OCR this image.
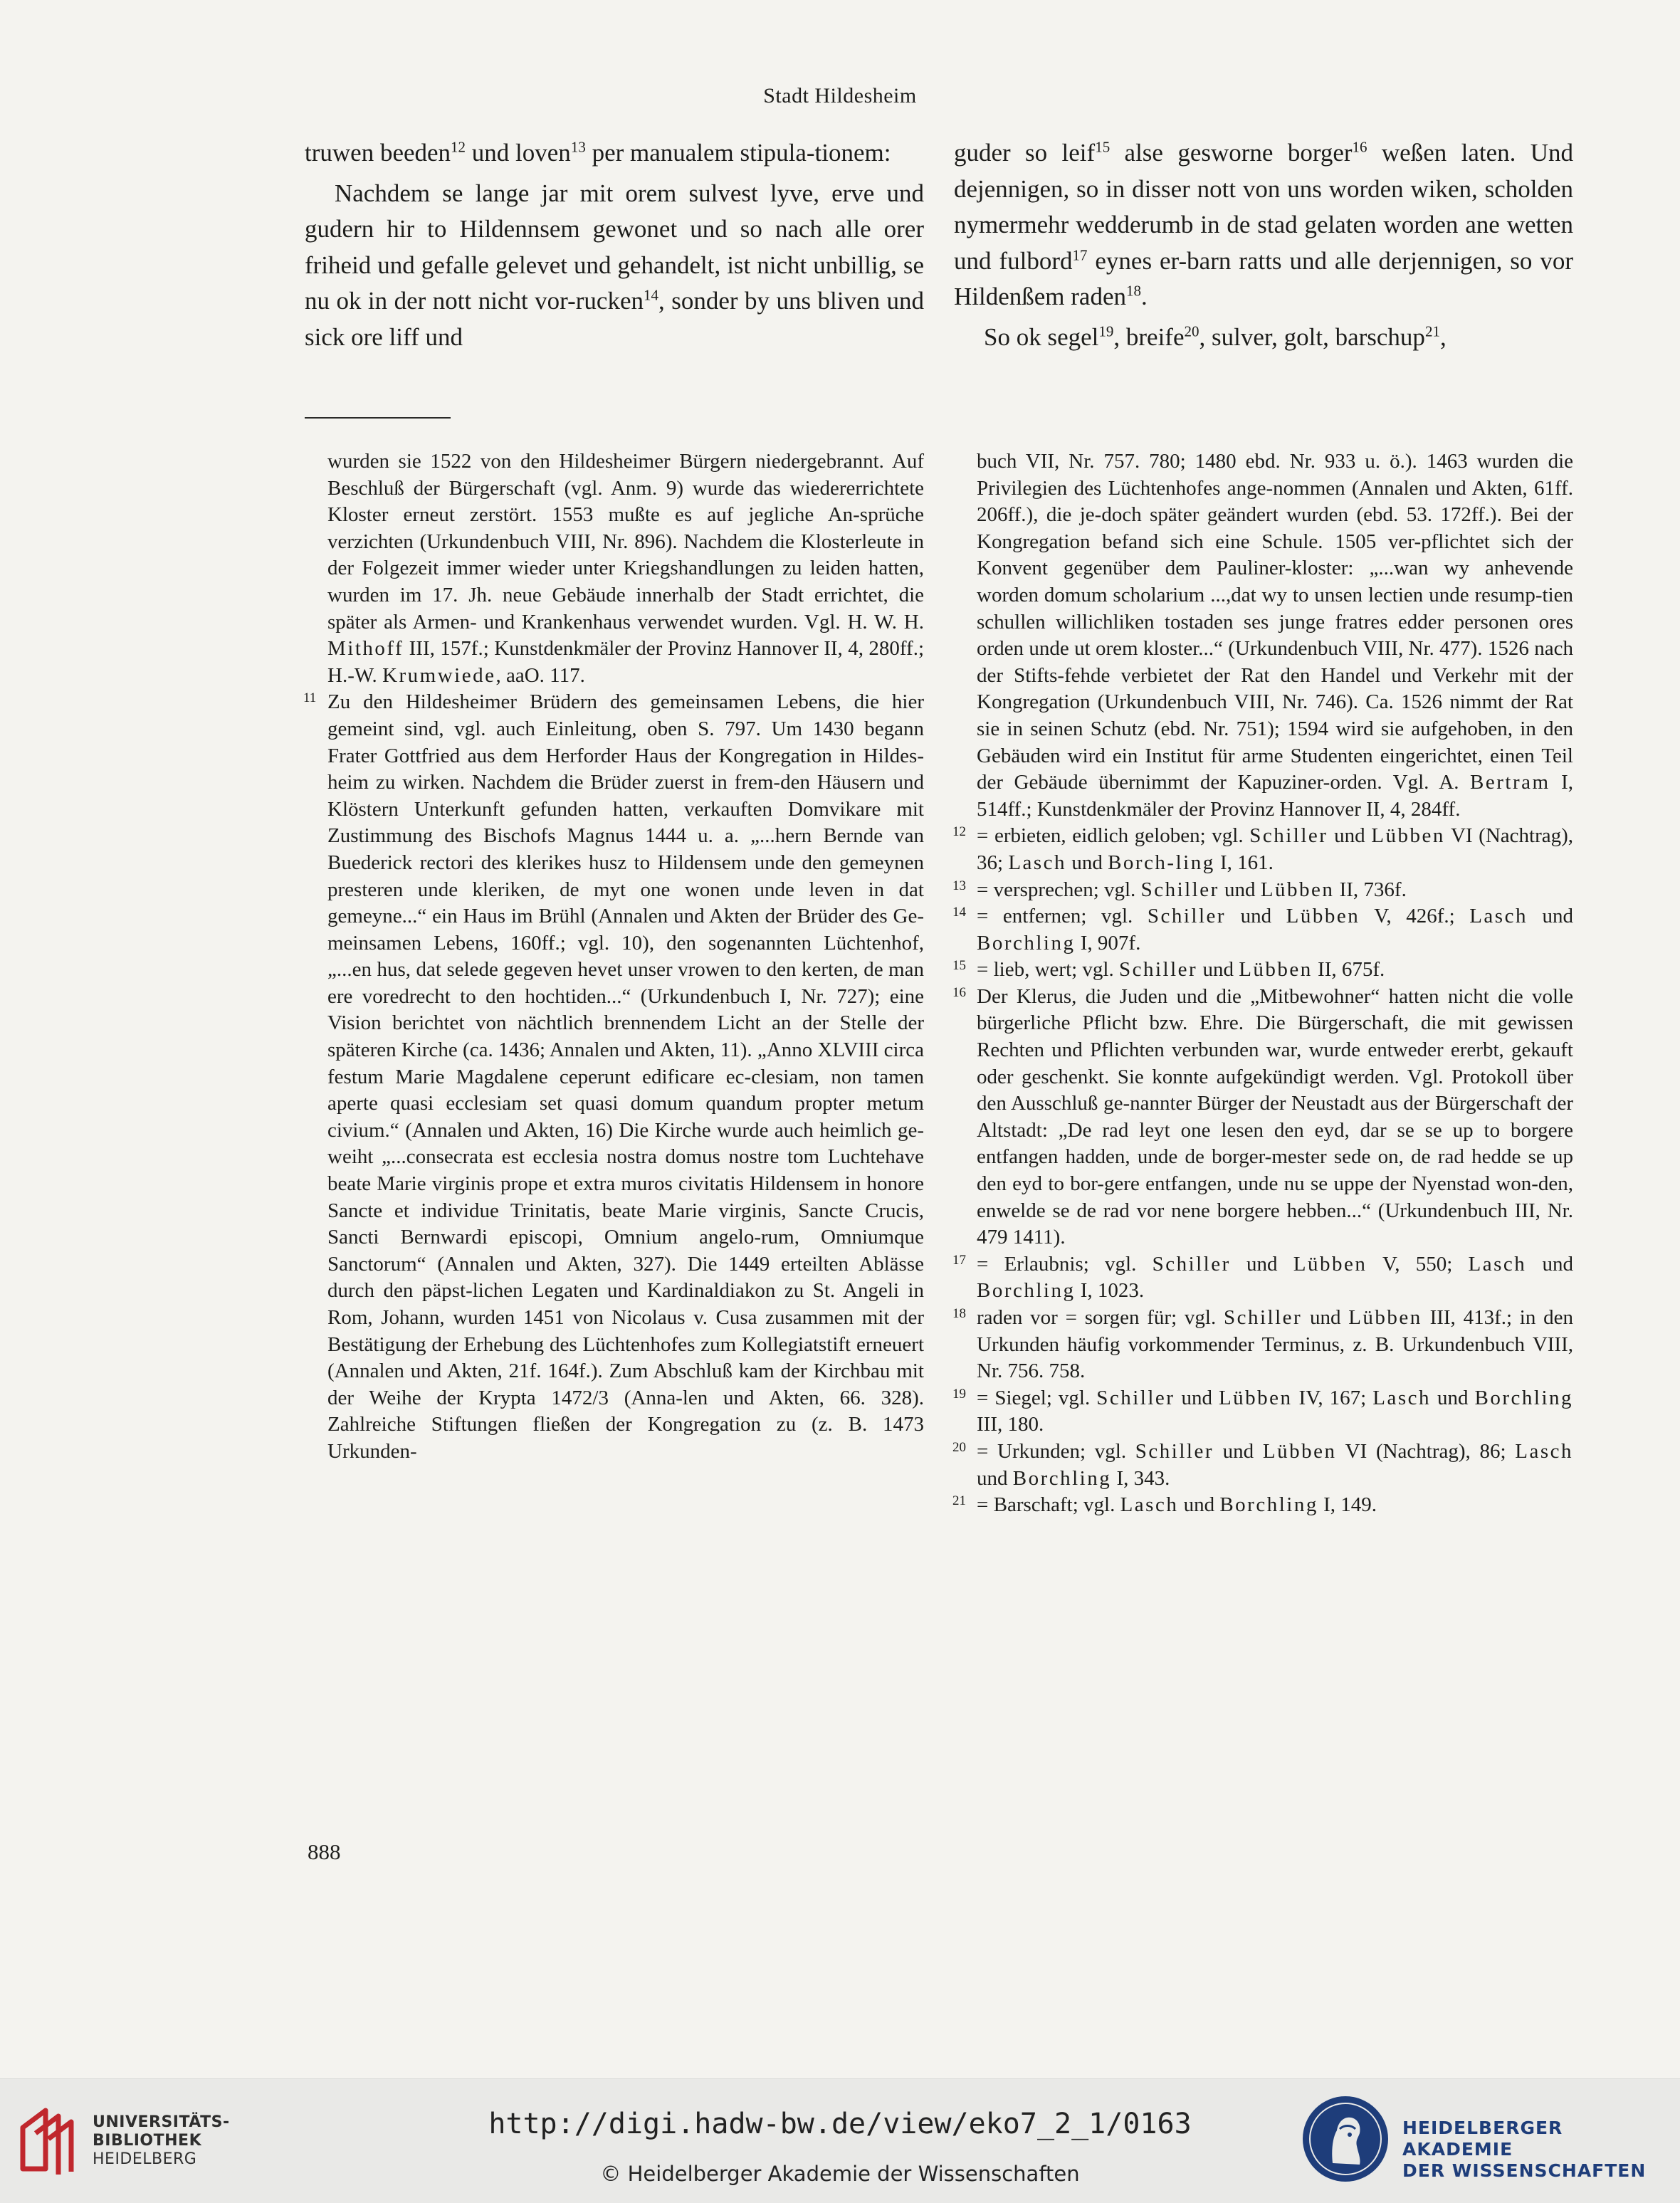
Stadt Hildesheim

truwen beeden$^{12}$ und loven$^{13}$ per manualem stipula-tionem:

Nachdem se lange jar mit orem sulvest lyve, erve und gudern hir to Hildennsem gewonet und so nach alle orer friheid und gefalle gelevet und gehandelt, ist nicht unbillig, se nu ok in der nott nicht vor-rucken$^{14}$, sonder by uns bliven und sick ore liff und

guder so leif$^{15}$ alse gesworne borger$^{16}$ weßen laten. Und dejennigen, so in disser nott von uns worden wiken, scholden nymermehr wedderumb in de stad gelaten worden ane wetten und fulbord$^{17}$ eynes er-barn ratts und alle derjennigen, so vor Hildenßem raden$^{18}$.

So ok segel$^{19}$, breife$^{20}$, sulver, golt, barschup$^{21}$,

wurden sie 1522 von den Hildesheimer Bürgern niedergebrannt. Auf Beschluß der Bürgerschaft (vgl. Anm. 9) wurde das wiedererrichtete Kloster erneut zerstört. 1553 mußte es auf jegliche An-sprüche verzichten (Urkundenbuch VIII, Nr. 896). Nachdem die Klosterleute in der Folgezeit immer wieder unter Kriegshandlungen zu leiden hatten, wurden im 17. Jh. neue Gebäude innerhalb der Stadt errichtet, die später als Armen- und Krankenhaus verwendet wurden. Vgl. H. W. H. Mithoff III, 157f.; Kunstdenkmäler der Provinz Hannover II, 4, 280ff.; H.-W. Krumwiede, aaO. 117.

11 Zu den Hildesheimer Brüdern des gemeinsamen Lebens, die hier gemeint sind, vgl. auch Einleitung, oben S. 797. Um 1430 begann Frater Gottfried aus dem Herforder Haus der Kongregation in Hildes-heim zu wirken. Nachdem die Brüder zuerst in frem-den Häusern und Klöstern Unterkunft gefunden hatten, verkauften Domvikare mit Zustimmung des Bischofs Magnus 1444 u. a. „...hern Bernde van Buederick rectori des klerikes husz to Hildensem unde den gemeynen presteren unde kleriken, de myt one wonen unde leven in dat gemeyne...“ ein Haus im Brühl (Annalen und Akten der Brüder des Ge-meinsamen Lebens, 160ff.; vgl. 10), den sogenannten Lüchtenhof, „...en hus, dat selede gegeven hevet unser vrowen to den kerten, de man ere voredrecht to den hochtiden...“ (Urkundenbuch I, Nr. 727); eine Vision berichtet von nächtlich brennendem Licht an der Stelle der späteren Kirche (ca. 1436; Annalen und Akten, 11). „Anno XLVIII circa festum Marie Magdalene ceperunt edificare ec-clesiam, non tamen aperte quasi ecclesiam set quasi domum quandum propter metum civium.“ (Annalen und Akten, 16) Die Kirche wurde auch heimlich ge-weiht „...consecrata est ecclesia nostra domus nostre tom Luchtehave beate Marie virginis prope et extra muros civitatis Hildensem in honore Sancte et individue Trinitatis, beate Marie virginis, Sancte Crucis, Sancti Bernwardi episcopi, Omnium angelo-rum, Omniumque Sanctorum“ (Annalen und Akten, 327). Die 1449 erteilten Ablässe durch den päpst-lichen Legaten und Kardinaldiakon zu St. Angeli in Rom, Johann, wurden 1451 von Nicolaus v. Cusa zusammen mit der Bestätigung der Erhebung des Lüchtenhofes zum Kollegiatstift erneuert (Annalen und Akten, 21f. 164f.). Zum Abschluß kam der Kirchbau mit der Weihe der Krypta 1472/3 (Anna-len und Akten, 66. 328). Zahlreiche Stiftungen fließen der Kongregation zu (z. B. 1473 Urkunden-

buch VII, Nr. 757. 780; 1480 ebd. Nr. 933 u. ö.). 1463 wurden die Privilegien des Lüchtenhofes ange-nommen (Annalen und Akten, 61ff. 206ff.), die je-doch später geändert wurden (ebd. 53. 172ff.). Bei der Kongregation befand sich eine Schule. 1505 ver-pflichtet sich der Konvent gegenüber dem Pauliner-kloster: „...wan wy anhevende worden domum scholarium ...,dat wy to unsen lectien unde resump-tien schullen willichliken tostaden ses junge fratres edder personen ores orden unde ut orem kloster...“ (Urkundenbuch VIII, Nr. 477). 1526 nach der Stifts-fehde verbietet der Rat den Handel und Verkehr mit der Kongregation (Urkundenbuch VIII, Nr. 746). Ca. 1526 nimmt der Rat sie in seinen Schutz (ebd. Nr. 751); 1594 wird sie aufgehoben, in den Gebäuden wird ein Institut für arme Studenten eingerichtet, einen Teil der Gebäude übernimmt der Kapuziner-orden. Vgl. A. Bertram I, 514ff.; Kunstdenkmäler der Provinz Hannover II, 4, 284ff.

12 = erbieten, eidlich geloben; vgl. Schiller und Lübben VI (Nachtrag), 36; Lasch und Borch-ling I, 161.

13 = versprechen; vgl. Schiller und Lübben II, 736f.

14 = entfernen; vgl. Schiller und Lübben V, 426f.; Lasch und Borchling I, 907f.

15 = lieb, wert; vgl. Schiller und Lübben II, 675f.

16 Der Klerus, die Juden und die „Mitbewohner“ hatten nicht die volle bürgerliche Pflicht bzw. Ehre. Die Bürgerschaft, die mit gewissen Rechten und Pflichten verbunden war, wurde entweder ererbt, gekauft oder geschenkt. Sie konnte aufgekündigt werden. Vgl. Protokoll über den Ausschluß ge-nannter Bürger der Neustadt aus der Bürgerschaft der Altstadt: „De rad leyt one lesen den eyd, dar se se up to borgere entfangen hadden, unde de borger-mester sede on, de rad hedde se up den eyd to bor-gere entfangen, unde nu se uppe der Nyenstad won-den, enwelde se de rad vor nene borgere hebben...“ (Urkundenbuch III, Nr. 479 1411).

17 = Erlaubnis; vgl. Schiller und Lübben V, 550; Lasch und Borchling I, 1023.

18 raden vor = sorgen für; vgl. Schiller und Lübben III, 413f.; in den Urkunden häufig vorkommender Terminus, z. B. Urkundenbuch VIII, Nr. 756. 758.

19 = Siegel; vgl. Schiller und Lübben IV, 167; Lasch und Borchling III, 180.

20 = Urkunden; vgl. Schiller und Lübben VI (Nachtrag), 86; Lasch und Borchling I, 343.

21 = Barschaft; vgl. Lasch und Borchling I, 149.

888
UNIVERSITÄTS-
BIBLIOTHEK
HEIDELBERG
http://digi.hadw-bw.de/view/eko7_2_1/0163
© Heidelberger Akademie der Wissenschaften
HEIDELBERGER AKADEMIE
DER WISSENSCHAFTEN
